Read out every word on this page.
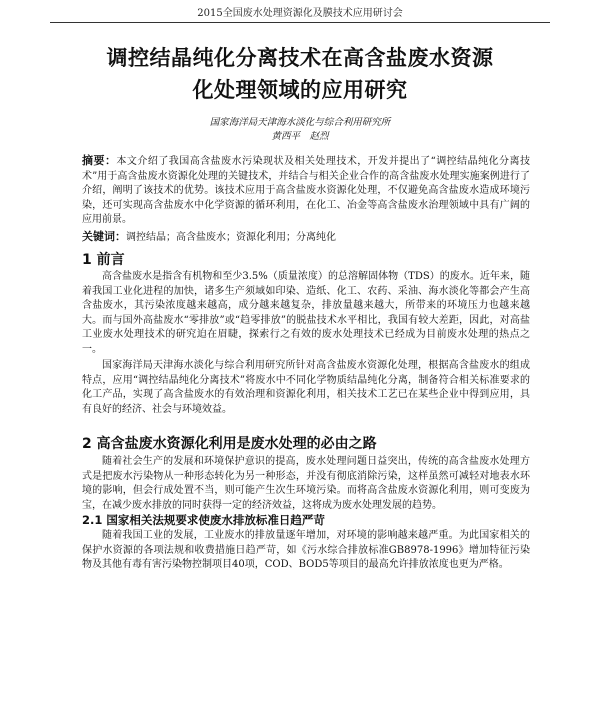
2015全国废水处理资源化及膜技术应用研讨会
调控结晶纯化分离技术在高含盐废水资源
化处理领域的应用研究
国家海洋局天津海水淡化与综合利用研究所
黄西平　赵烈
摘要：本文介绍了我国高含盐废水污染现状及相关处理技术，开发并提出了“调控结晶纯化分离技术”用于高含盐废水资源化处理的关键技术，并结合与相关企业合作的高含盐废水处理实施案例进行了介绍，阐明了该技术的优势。该技术应用于高含盐废水资源化处理，不仅避免高含盐废水造成环境污染，还可实现高含盐废水中化学资源的循环利用，在化工、冶金等高含盐废水治理领域中具有广阔的应用前景。
关键词：调控结晶；高含盐废水；资源化利用；分离纯化
1 前言

高含盐废水是指含有机物和至少3.5%（质量浓度）的总溶解固体物（TDS）的废水。近年来，随着我国工业化进程的加快，诸多生产须域如印染、造纸、化工、农药、采油、海水淡化等都会产生高含盐废水，其污染浓度越来越高，成分越来越复杂，排放量越来越大，所带来的环境压力也越来越大。而与国外高盐废水“零排放”或“趋零排放”的脱盐技术水平相比，我国有较大差距，因此，对高盐工业废水处理技术的研究迫在眉睫，探索行之有效的废水处理技术已经成为目前废水处理的热点之一。

国家海洋局天津海水淡化与综合利用研究所针对高含盐废水资源化处理，根据高含盐废水的组成特点，应用“调控结晶纯化分离技术”将废水中不同化学物质结晶纯化分离，制备符合相关标准要求的化工产品，实现了高含盐废水的有效治理和资源化利用，相关技术工艺已在某些企业中得到应用，具有良好的经济、社会与环境效益。

2 高含盐废水资源化利用是废水处理的必由之路

随着社会生产的发展和环境保护意识的提高，废水处理问题日益突出，传统的高含盐废水处理方式是把废水污染物从一种形态转化为另一种形态，并没有彻底消除污染，这样虽然可减轻对地表水环境的影响，但会行成处置不当，则可能产生次生环境污染。而将高含盐废水资源化利用，则可变废为宝，在减少废水排放的同时获得一定的经济效益，这将成为废水处理发展的趋势。

2.1 国家相关法规要求使废水排放标准日趋严苛

随着我国工业的发展，工业废水的排放量逐年增加，对环境的影响越来越严重。为此国家相关的保护水资源的各项法规和收费措施日趋严苛，如《污水综合排放标准GB8978-1996》增加特征污染物及其他有毒有害污染物控制项目40项，COD、BOD5等项目的最高允许排放浓度也更为严格。
